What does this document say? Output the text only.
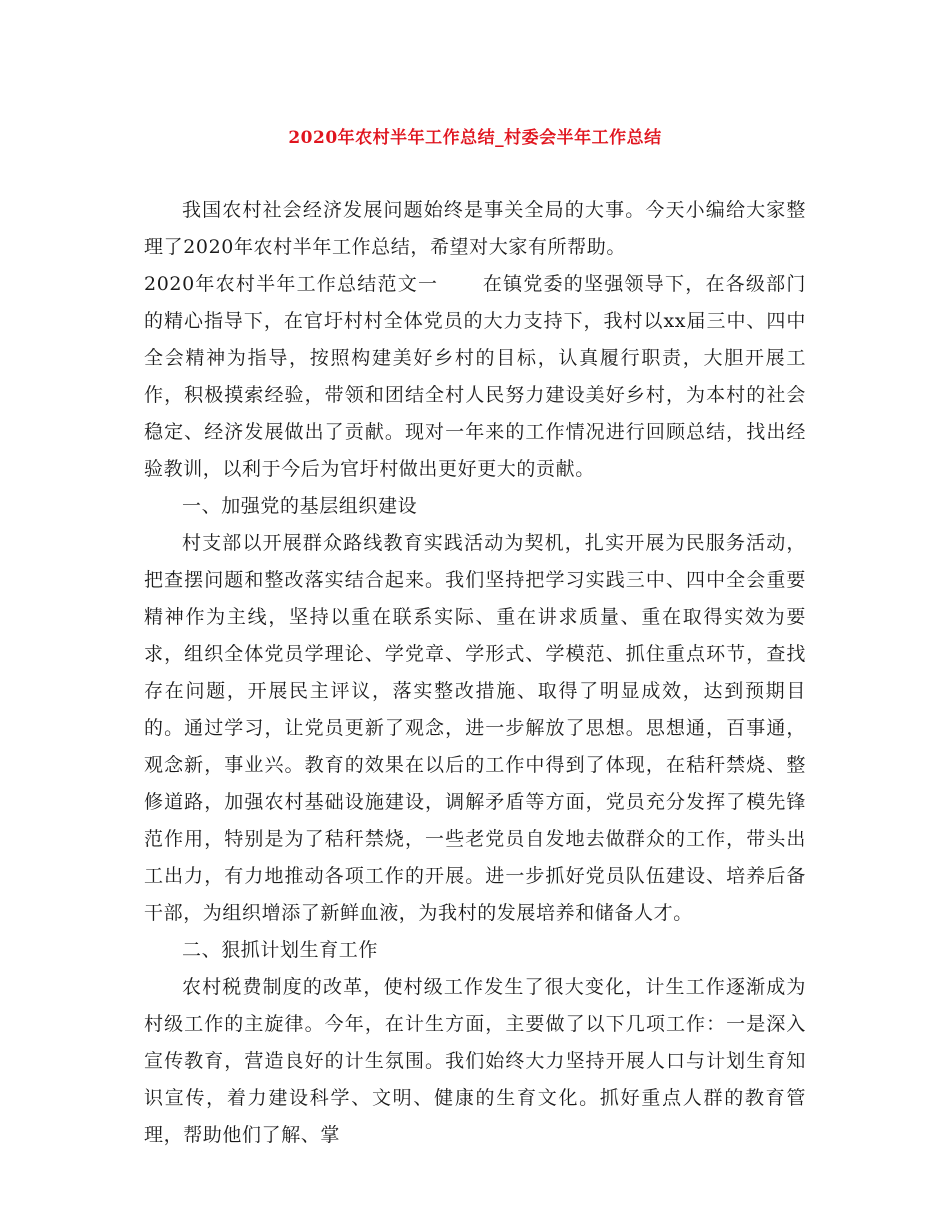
2020年农村半年工作总结_村委会半年工作总结

我国农村社会经济发展问题始终是事关全局的大事。今天小编给大家整理了2020年农村半年工作总结，希望对大家有所帮助。

2020年农村半年工作总结范文一 在镇党委的坚强领导下，在各级部门的精心指导下，在官圩村村全体党员的大力支持下，我村以xx届三中、四中全会精神为指导，按照构建美好乡村的目标，认真履行职责，大胆开展工作，积极摸索经验，带领和团结全村人民努力建设美好乡村，为本村的社会稳定、经济发展做出了贡献。现对一年来的工作情况进行回顾总结，找出经验教训，以利于今后为官圩村做出更好更大的贡献。

一、加强党的基层组织建设

村支部以开展群众路线教育实践活动为契机，扎实开展为民服务活动，把查摆问题和整改落实结合起来。我们坚持把学习实践三中、四中全会重要精神作为主线，坚持以重在联系实际、重在讲求质量、重在取得实效为要求，组织全体党员学理论、学党章、学形式、学模范、抓住重点环节，查找存在问题，开展民主评议，落实整改措施、取得了明显成效，达到预期目的。通过学习，让党员更新了观念，进一步解放了思想。思想通，百事通，观念新，事业兴。教育的效果在以后的工作中得到了体现，在秸秆禁烧、整修道路，加强农村基础设施建设，调解矛盾等方面，党员充分发挥了模先锋范作用，特别是为了秸秆禁烧，一些老党员自发地去做群众的工作，带头出工出力，有力地推动各项工作的开展。进一步抓好党员队伍建设、培养后备干部，为组织增添了新鲜血液，为我村的发展培养和储备人才。

二、狠抓计划生育工作

农村税费制度的改革，使村级工作发生了很大变化，计生工作逐渐成为村级工作的主旋律。今年，在计生方面，主要做了以下几项工作：一是深入宣传教育，营造良好的计生氛围。我们始终大力坚持开展人口与计划生育知识宣传，着力建设科学、文明、健康的生育文化。抓好重点人群的教育管理，帮助他们了解、掌
